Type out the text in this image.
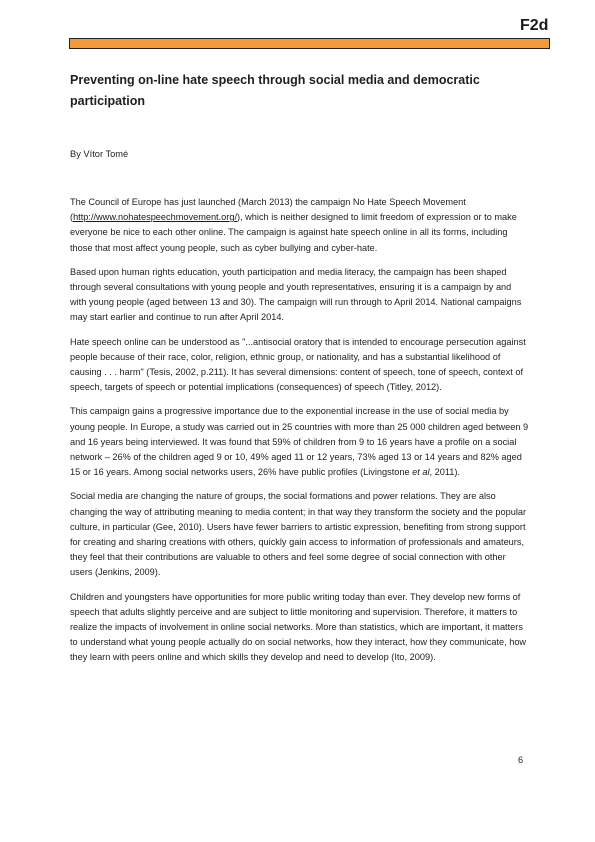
F2d
Preventing on-line hate speech through social media and democratic participation
By Vítor Tomé

The Council of Europe has just launched (March 2013) the campaign No Hate Speech Movement (http://www.nohatespeechmovement.org/), which is neither designed to limit freedom of expression or to make everyone be nice to each other online. The campaign is against hate speech online in all its forms, including those that most affect young people, such as cyber bullying and cyber-hate.

Based upon human rights education, youth participation and media literacy, the campaign has been shaped through several consultations with young people and youth representatives, ensuring it is a campaign by and with young people (aged between 13 and 30). The campaign will run through to April 2014. National campaigns may start earlier and continue to run after April 2014.

Hate speech online can be understood as "...antisocial oratory that is intended to encourage persecution against people because of their race, color, religion, ethnic group, or nationality, and has a substantial likelihood of causing . . . harm" (Tesis, 2002, p.211). It has several dimensions: content of speech, tone of speech, context of speech, targets of speech or potential implications (consequences) of speech (Titley, 2012).

This campaign gains a progressive importance due to the exponential increase in the use of social media by young people. In Europe, a study was carried out in 25 countries with more than 25 000 children aged between 9 and 16 years being interviewed. It was found that 59% of children from 9 to 16 years have a profile on a social network – 26% of the children aged 9 or 10, 49% aged 11 or 12 years, 73% aged 13 or 14 years and 82% aged 15 or 16 years. Among social networks users, 26% have public profiles (Livingstone et al, 2011).

Social media are changing the nature of groups, the social formations and power relations. They are also changing the way of attributing meaning to media content; in that way they transform the society and the popular culture, in particular (Gee, 2010). Users have fewer barriers to artistic expression, benefiting from strong support for creating and sharing creations with others, quickly gain access to information of professionals and amateurs, they feel that their contributions are valuable to others and feel some degree of social connection with other users (Jenkins, 2009).

Children and youngsters have opportunities for more public writing today than ever. They develop new forms of speech that adults slightly perceive and are subject to little monitoring and supervision. Therefore, it matters to realize the impacts of involvement in online social networks. More than statistics, which are important, it matters to understand what young people actually do on social networks, how they interact, how they communicate, how they learn with peers online and which skills they develop and need to develop (Ito, 2009).

6
